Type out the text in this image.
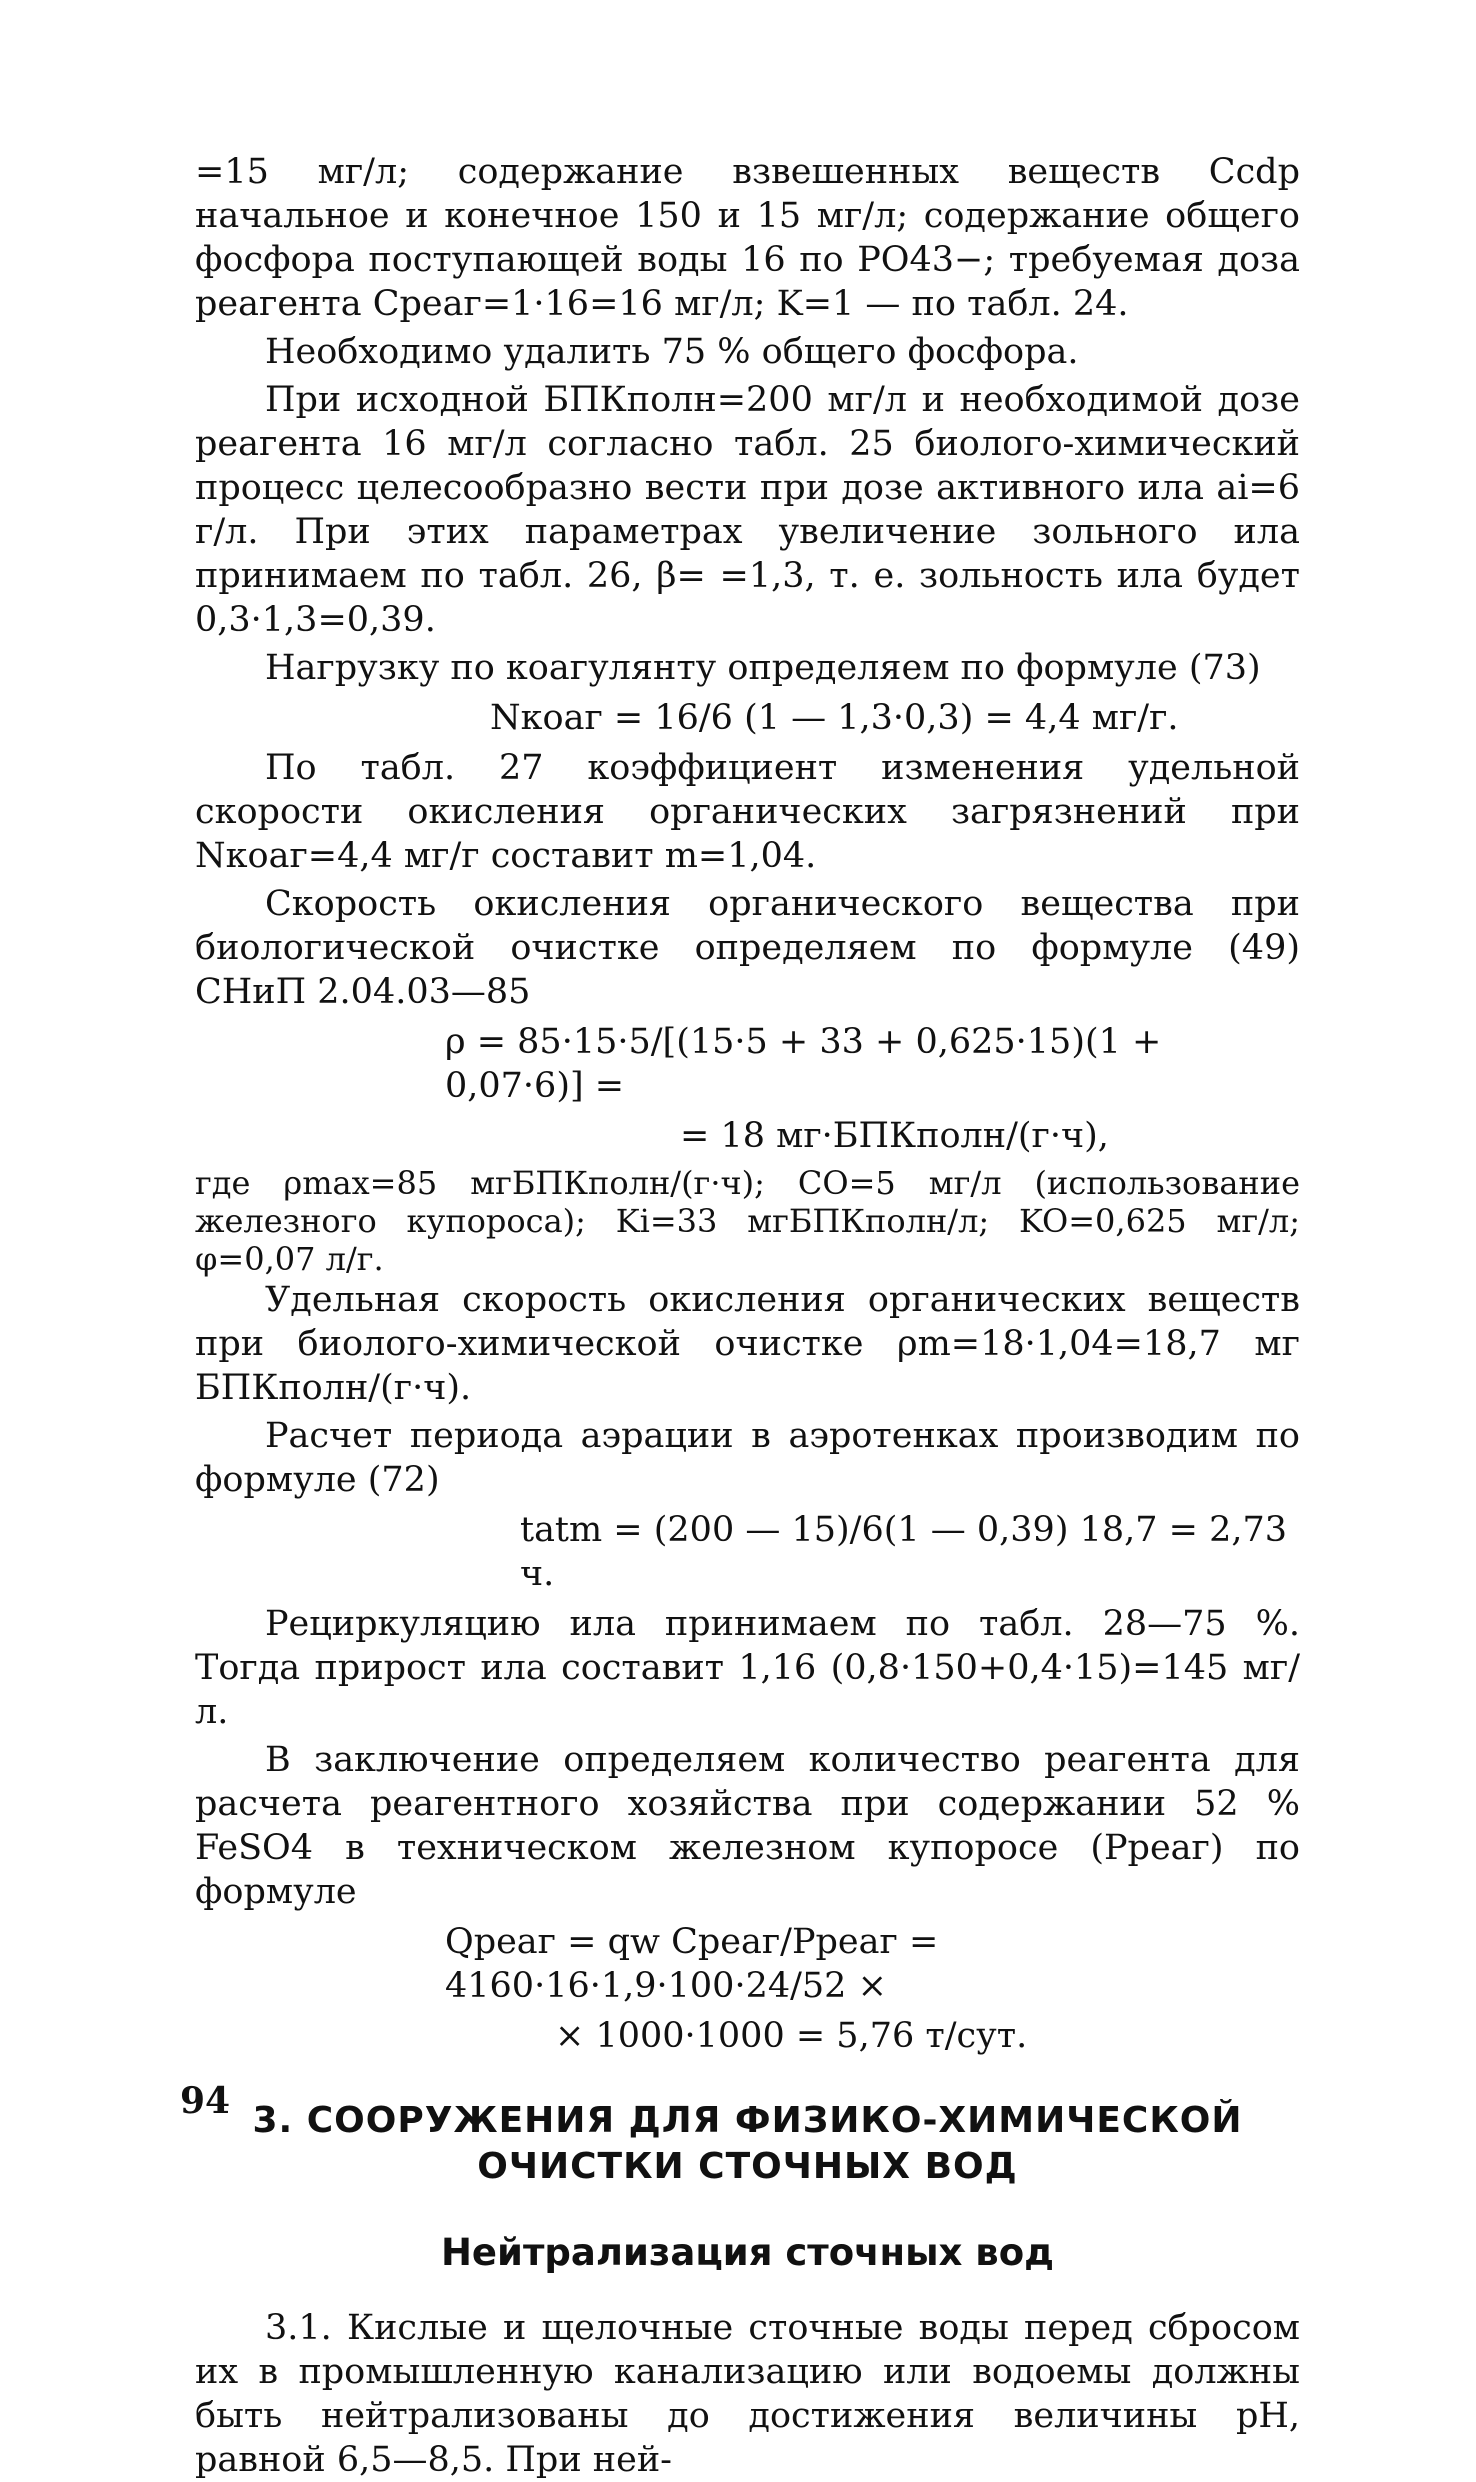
=15 мг/л; содержание взвешенных веществ Cсdр начальное и конечное 150 и 15 мг/л; содержание общего фосфора поступающей воды 16 по PO43−; требуемая доза реагента Cреаг=1·16=16 мг/л; K=1 — по табл. 24.

Необходимо удалить 75 % общего фосфора.

При исходной БПКполн=200 мг/л и необходимой дозе реагента 16 мг/л согласно табл. 25 биолого-химический процесс целесообразно вести при дозе активного ила ai=6 г/л. При этих параметрах увеличение зольного ила принимаем по табл. 26, β= =1,3, т. е. зольность ила будет 0,3·1,3=0,39.

Нагрузку по коагулянту определяем по формуле (73)

Nкоаг = 16/6 (1 — 1,3·0,3) = 4,4 мг/г.

По табл. 27 коэффициент изменения удельной скорости окисления органических загрязнений при Nкоаг=4,4 мг/г составит m=1,04.

Скорость окисления органического вещества при биологической очистке определяем по формуле (49) СНиП 2.04.03—85

ρ = 85·15·5/[(15·5 + 33 + 0,625·15)(1 + 0,07·6)] =

= 18 мг·БПКполн/(г·ч),

где ρmax=85 мгБПКполн/(г·ч); CO=5 мг/л (использование железного купороса); Ki=33 мгБПКполн/л; KO=0,625 мг/л; φ=0,07 л/г.

Удельная скорость окисления органических веществ при биолого-химической очистке ρm=18·1,04=18,7 мг БПКполн/(г·ч).

Расчет периода аэрации в аэротенках производим по формуле (72)

tatm = (200 — 15)/6(1 — 0,39) 18,7 = 2,73 ч.

Рециркуляцию ила принимаем по табл. 28—75 %. Тогда прирост ила составит 1,16 (0,8·150+0,4·15)=145 мг/л.

В заключение определяем количество реагента для расчета реагентного хозяйства при содержании 52 % FeSO4 в техническом железном купоросе (Pреаг) по формуле

Qреаг = qw Cреаг/Pреаг = 4160·16·1,9·100·24/52 ×

× 1000·1000 = 5,76 т/сут.

3. СООРУЖЕНИЯ ДЛЯ ФИЗИКО-ХИМИЧЕСКОЙ
ОЧИСТКИ СТОЧНЫХ ВОД
Нейтрализация сточных вод

3.1. Кислые и щелочные сточные воды перед сбросом их в промышленную канализацию или водоемы должны быть нейтрализованы до достижения величины pH, равной 6,5—8,5. При ней-

94
